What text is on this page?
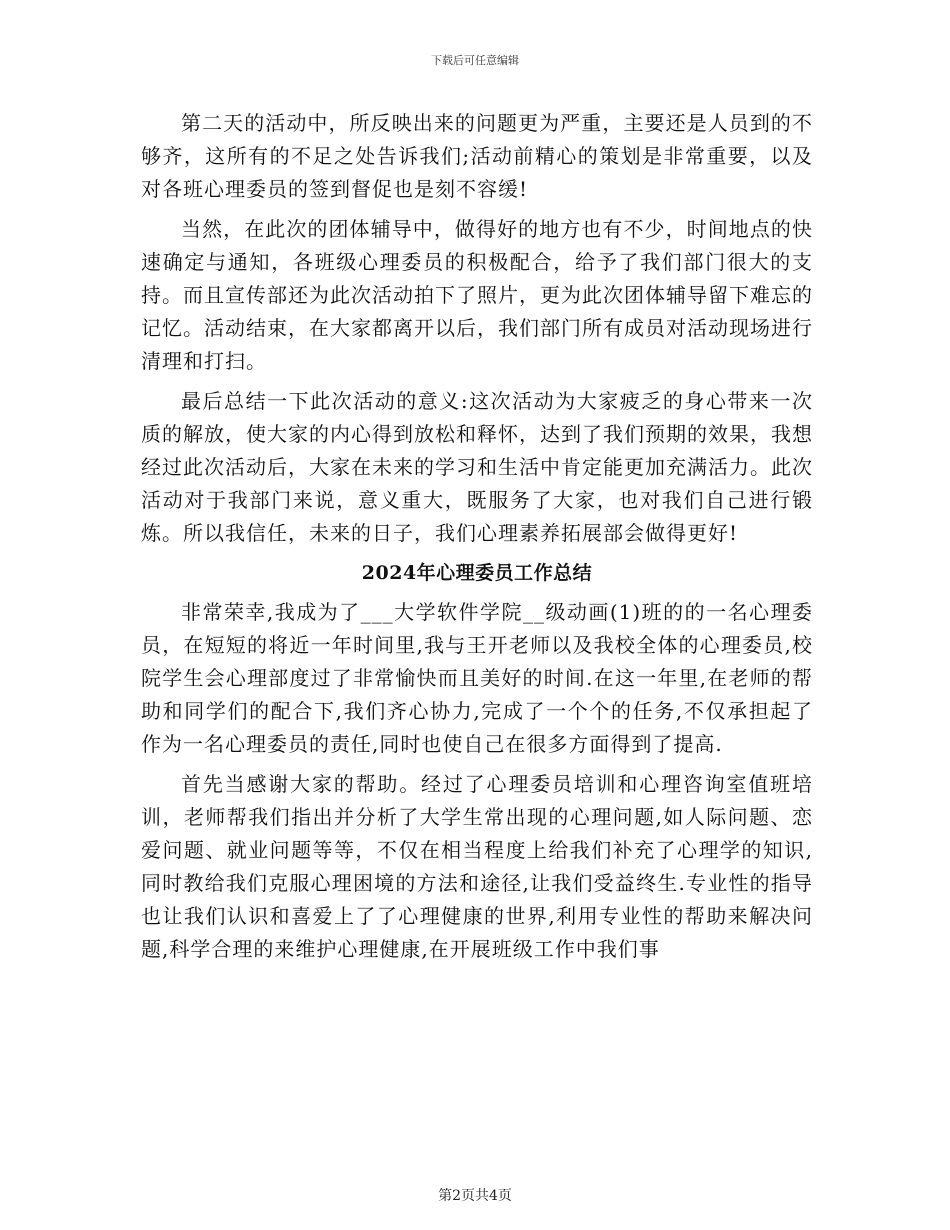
下载后可任意编辑

第二天的活动中，所反映出来的问题更为严重，主要还是人员到的不够齐，这所有的不足之处告诉我们;活动前精心的策划是非常重要，以及对各班心理委员的签到督促也是刻不容缓!

当然，在此次的团体辅导中，做得好的地方也有不少，时间地点的快速确定与通知，各班级心理委员的积极配合，给予了我们部门很大的支持。而且宣传部还为此次活动拍下了照片，更为此次团体辅导留下难忘的记忆。活动结束，在大家都离开以后，我们部门所有成员对活动现场进行清理和打扫。

最后总结一下此次活动的意义:这次活动为大家疲乏的身心带来一次质的解放，使大家的内心得到放松和释怀，达到了我们预期的效果，我想经过此次活动后，大家在未来的学习和生活中肯定能更加充满活力。此次活动对于我部门来说，意义重大，既服务了大家，也对我们自己进行锻炼。所以我信任，未来的日子，我们心理素养拓展部会做得更好!

2024年心理委员工作总结

非常荣幸,我成为了___大学软件学院__级动画(1)班的的一名心理委员，在短短的将近一年时间里,我与王开老师以及我校全体的心理委员,校院学生会心理部度过了非常愉快而且美好的时间.在这一年里,在老师的帮助和同学们的配合下,我们齐心协力,完成了一个个的任务,不仅承担起了作为一名心理委员的责任,同时也使自己在很多方面得到了提高.

首先当感谢大家的帮助。经过了心理委员培训和心理咨询室值班培训，老师帮我们指出并分析了大学生常出现的心理问题,如人际问题、恋爱问题、就业问题等等，不仅在相当程度上给我们补充了心理学的知识,同时教给我们克服心理困境的方法和途径,让我们受益终生.专业性的指导也让我们认识和喜爱上了了心理健康的世界,利用专业性的帮助来解决问题,科学合理的来维护心理健康,在开展班级工作中我们事

第2页共4页
